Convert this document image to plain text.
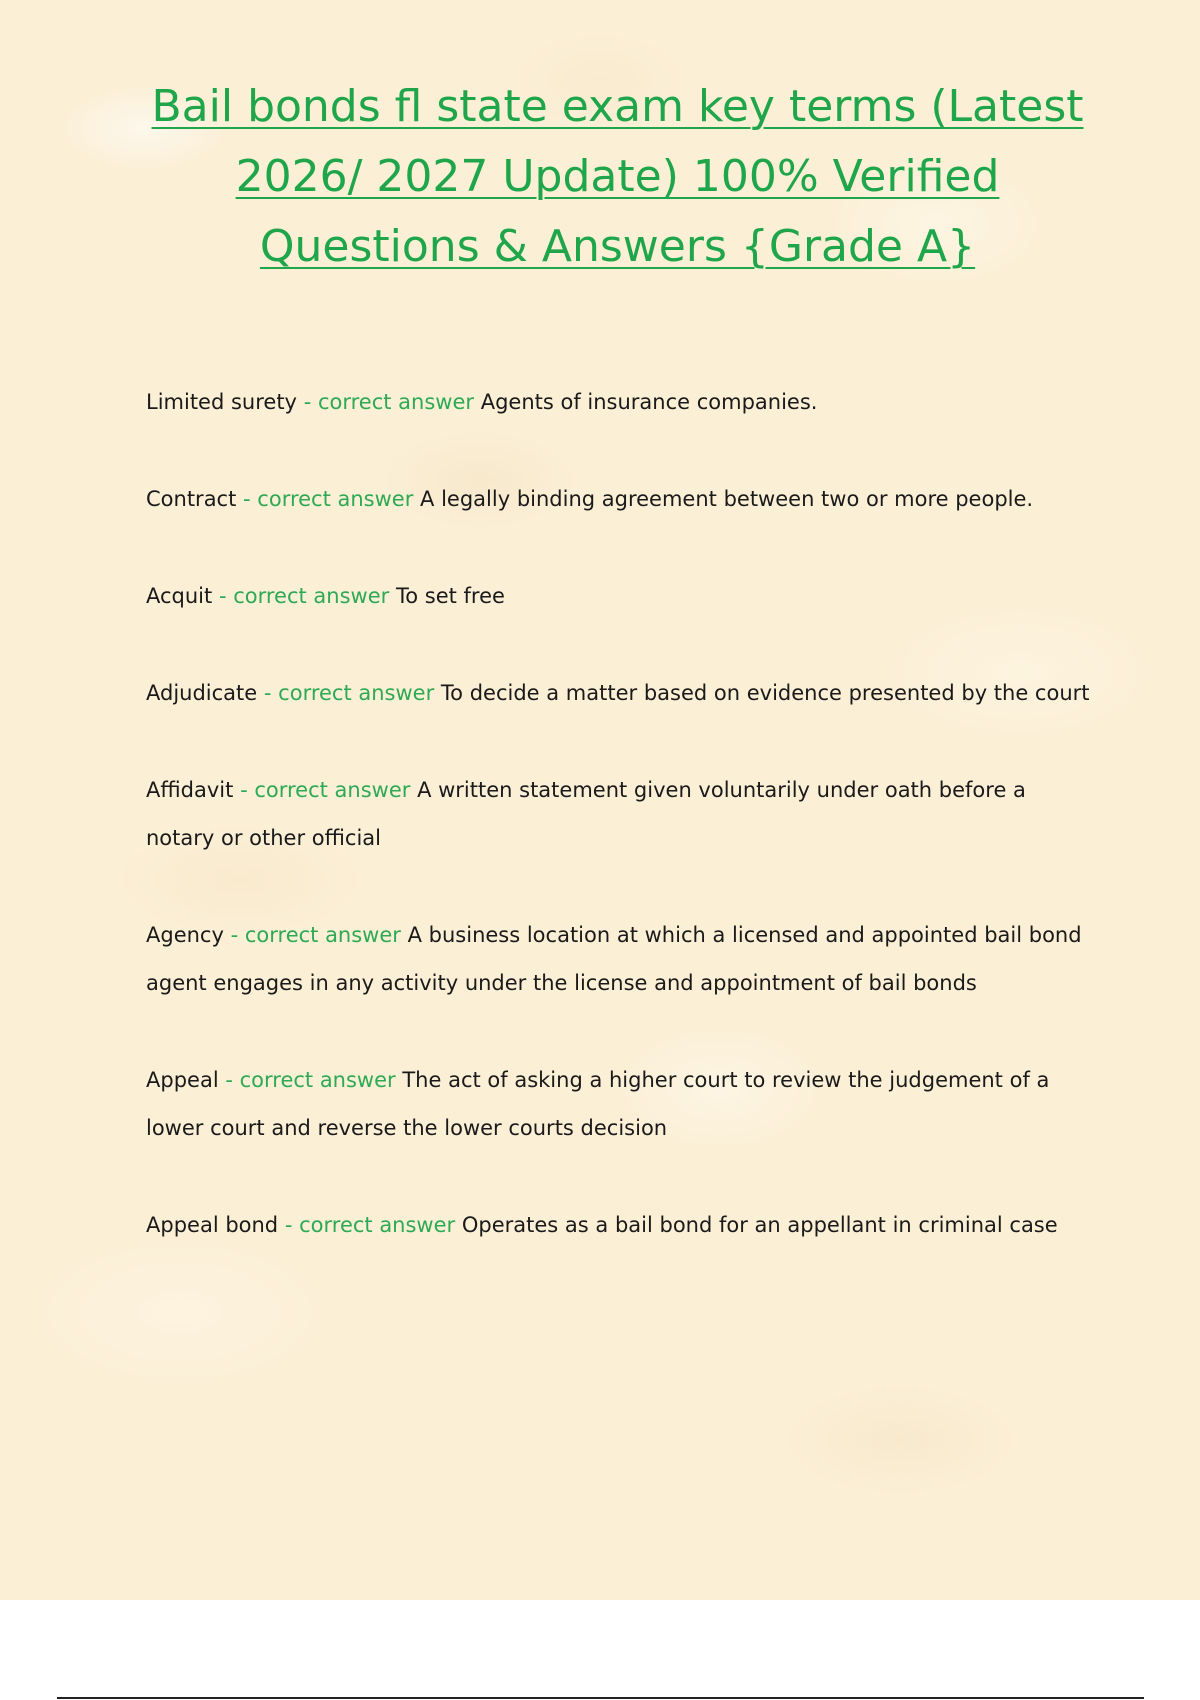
Bail bonds fl state exam key terms (Latest 2026/ 2027 Update) 100% Verified Questions & Answers {Grade A}

Limited surety - correct answer Agents of insurance companies.

Contract - correct answer A legally binding agreement between two or more people.

Acquit - correct answer To set free

Adjudicate - correct answer To decide a matter based on evidence presented by the court

Affidavit - correct answer A written statement given voluntarily under oath before a notary or other official

Agency - correct answer A business location at which a licensed and appointed bail bond agent engages in any activity under the license and appointment of bail bonds

Appeal - correct answer The act of asking a higher court to review the judgement of a lower court and reverse the lower courts decision

Appeal bond - correct answer Operates as a bail bond for an appellant in criminal case
